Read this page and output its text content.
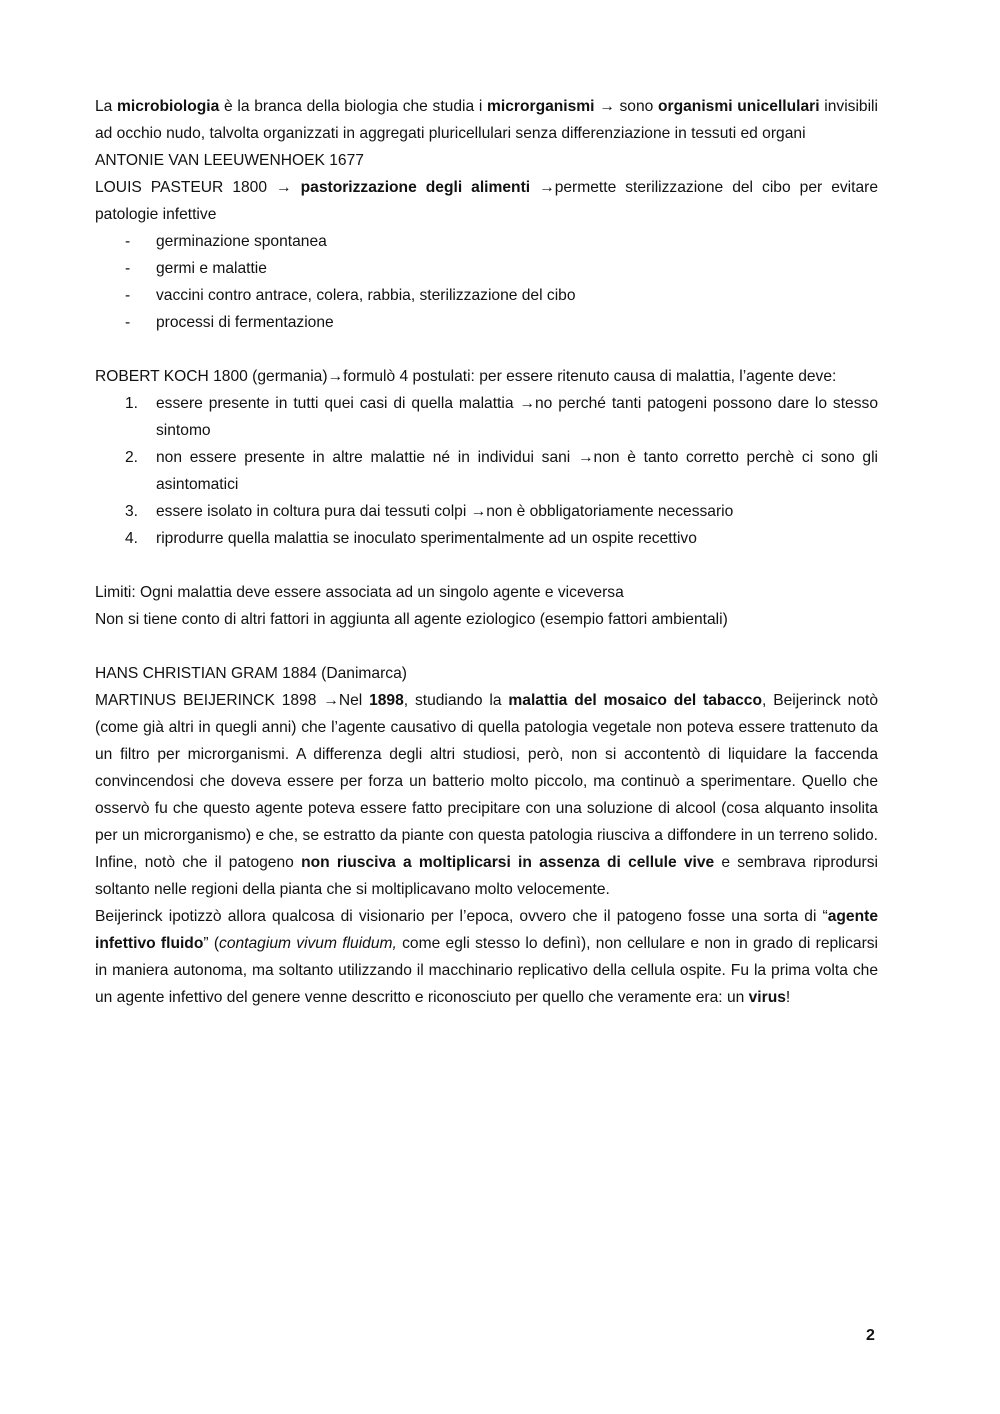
La microbiologia è la branca della biologia che studia i microrganismi → sono organismi unicellulari invisibili ad occhio nudo, talvolta organizzati in aggregati pluricellulari senza differenziazione in tessuti ed organi

ANTONIE VAN LEEUWENHOEK 1677

LOUIS PASTEUR 1800 → pastorizzazione degli alimenti →permette sterilizzazione del cibo per evitare patologie infettive

- germinazione spontanea
- germi e malattie
- vaccini contro antrace, colera, rabbia, sterilizzazione del cibo
- processi di fermentazione

ROBERT KOCH 1800 (germania)→formulò 4 postulati: per essere ritenuto causa di malattia, l’agente deve:

1. essere presente in tutti quei casi di quella malattia →no perché tanti patogeni possono dare lo stesso sintomo
2. non essere presente in altre malattie né in individui sani →non è tanto corretto perchè ci sono gli asintomatici
3. essere isolato in coltura pura dai tessuti colpi →non è obbligatoriamente necessario
4. riprodurre quella malattia se inoculato sperimentalmente ad un ospite recettivo

Limiti: Ogni malattia deve essere associata ad un singolo agente e viceversa

Non si tiene conto di altri fattori in aggiunta all agente eziologico (esempio fattori ambientali)

HANS CHRISTIAN GRAM 1884 (Danimarca)

MARTINUS BEIJERINCK 1898 →Nel 1898, studiando la malattia del mosaico del tabacco, Beijerinck notò (come già altri in quegli anni) che l’agente causativo di quella patologia vegetale non poteva essere trattenuto da un filtro per microrganismi. A differenza degli altri studiosi, però, non si accontentò di liquidare la faccenda convincendosi che doveva essere per forza un batterio molto piccolo, ma continuò a sperimentare. Quello che osservò fu che questo agente poteva essere fatto precipitare con una soluzione di alcool (cosa alquanto insolita per un microrganismo) e che, se estratto da piante con questa patologia riusciva a diffondere in un terreno solido. Infine, notò che il patogeno non riusciva a moltiplicarsi in assenza di cellule vive e sembrava riprodursi soltanto nelle regioni della pianta che si moltiplicavano molto velocemente.

Beijerinck ipotizzò allora qualcosa di visionario per l’epoca, ovvero che il patogeno fosse una sorta di “agente infettivo fluido” (contagium vivum fluidum, come egli stesso lo definì), non cellulare e non in grado di replicarsi in maniera autonoma, ma soltanto utilizzando il macchinario replicativo della cellula ospite. Fu la prima volta che un agente infettivo del genere venne descritto e riconosciuto per quello che veramente era: un virus!

2
